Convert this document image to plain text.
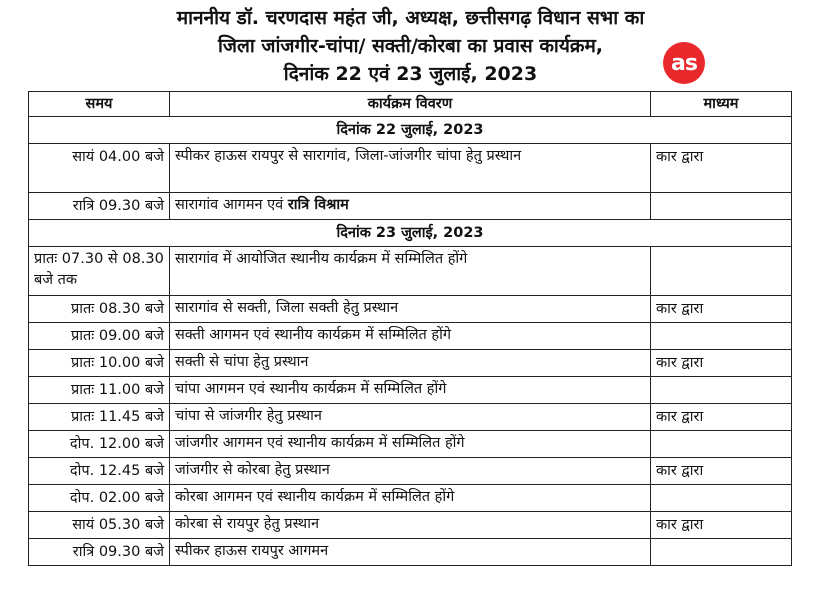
माननीय डॉ. चरणदास महंत जी, अध्यक्ष, छत्तीसगढ़ विधान सभा का
जिला जांजगीर-चांपा/ सक्ती/कोरबा का प्रवास कार्यक्रम,
दिनांक 22 एवं 23 जुलाई, 2023	as
समय	कार्यक्रम विवरण	माध्यम
दिनांक 22 जुलाई, 2023		
सायं 04.00 बजे	स्पीकर हाऊस रायपुर से सारागांव, जिला-जांजगीर चांपा हेतु प्रस्थान	कार द्वारा
रात्रि 09.30 बजे	सारागांव आगमन एवं रात्रि विश्राम	
दिनांक 23 जुलाई, 2023		
प्रातः 07.30 से 08.30 बजे तक	सारागांव में आयोजित स्थानीय कार्यक्रम में सम्मिलित होंगे	
प्रातः 08.30 बजे	सारागांव से सक्ती, जिला सक्ती हेतु प्रस्थान	कार द्वारा
प्रातः 09.00 बजे	सक्ती आगमन एवं स्थानीय कार्यक्रम में सम्मिलित होंगे	
प्रातः 10.00 बजे	सक्ती से चांपा हेतु प्रस्थान	कार द्वारा
प्रातः 11.00 बजे	चांपा आगमन एवं स्थानीय कार्यक्रम में सम्मिलित होंगे	
प्रातः 11.45 बजे	चांपा से जांजगीर हेतु प्रस्थान	कार द्वारा
दोप. 12.00 बजे	जांजगीर आगमन एवं स्थानीय कार्यक्रम में सम्मिलित होंगे	
दोप. 12.45 बजे	जांजगीर से कोरबा हेतु प्रस्थान	कार द्वारा
दोप. 02.00 बजे	कोरबा आगमन एवं स्थानीय कार्यक्रम में सम्मिलित होंगे	
सायं 05.30 बजे	कोरबा से रायपुर हेतु प्रस्थान	कार द्वारा
रात्रि 09.30 बजे	स्पीकर हाऊस रायपुर आगमन	
